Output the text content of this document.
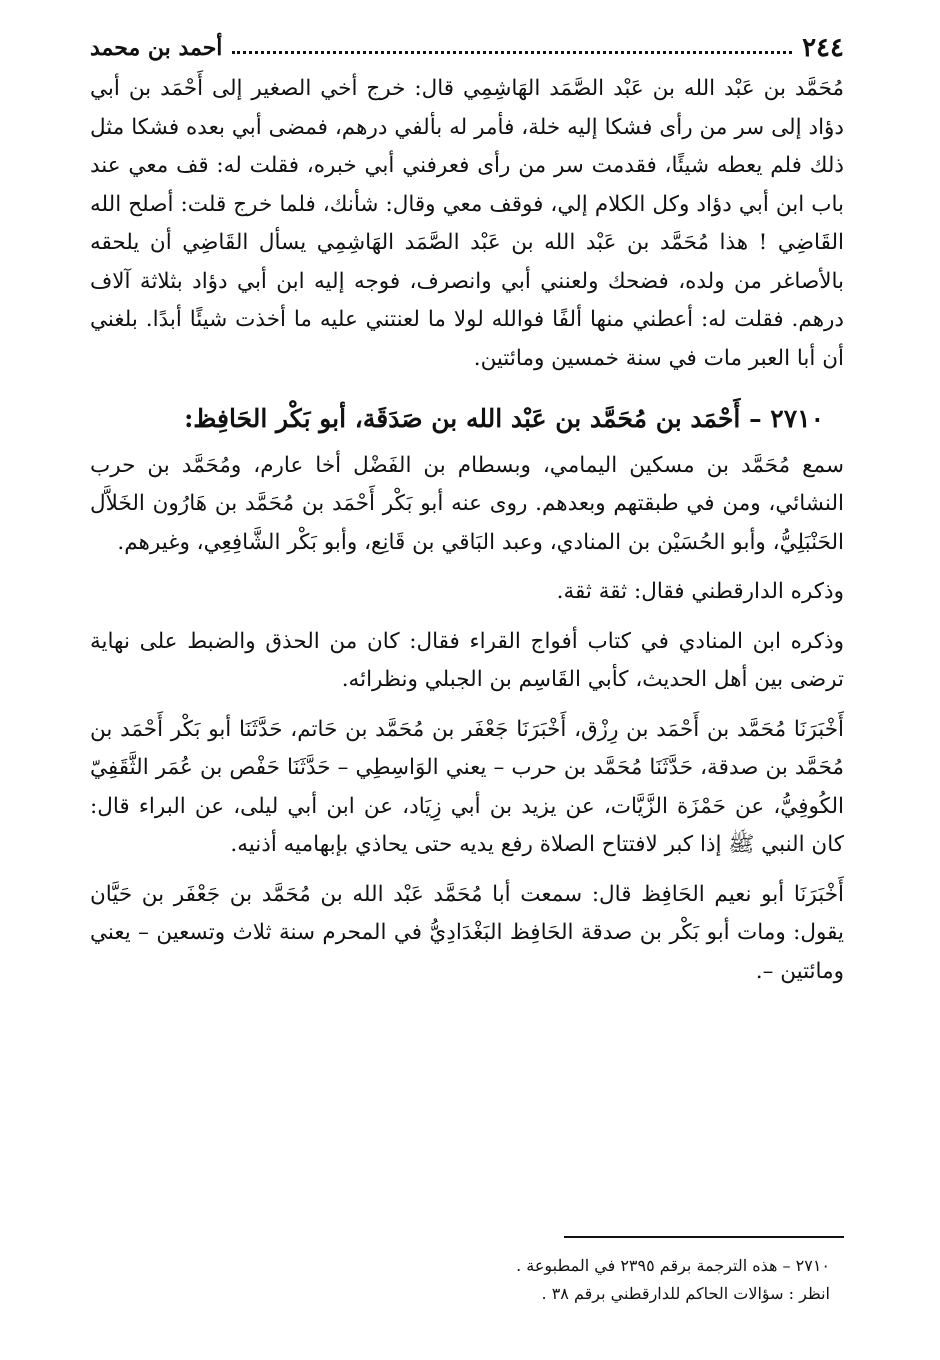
٢٤٤
أحمد بن محمد

مُحَمَّد بن عَبْد الله بن عَبْد الصَّمَد الهَاشِمِي قال: خرج أخي الصغير إلى أَحْمَد بن أبي دؤاد إلى سر من رأى فشكا إليه خلة، فأمر له بألفي درهم، فمضى أبي بعده فشكا مثل ذلك فلم يعطه شيئًا، فقدمت سر من رأى فعرفني أبي خبره، فقلت له: قف معي عند باب ابن أبي دؤاد وكل الكلام إلي، فوقف معي وقال: شأنك، فلما خرج قلت: أصلح الله القَاضِي ! هذا مُحَمَّد بن عَبْد الله بن عَبْد الصَّمَد الهَاشِمِي يسأل القَاضِي أن يلحقه بالأصاغر من ولده، فضحك ولعنني أبي وانصرف، فوجه إليه ابن أبي دؤاد بثلاثة آلاف درهم. فقلت له: أعطني منها ألفًا فوالله لولا ما لعنتني عليه ما أخذت شيئًا أبدًا. بلغني أن أبا العبر مات في سنة خمسين ومائتين.

٢٧١٠ – أَحْمَد بن مُحَمَّد بن عَبْد الله بن صَدَقَة، أبو بَكْر الحَافِظ:

سمع مُحَمَّد بن مسكين اليمامي، وبسطام بن الفَضْل أخا عارم، ومُحَمَّد بن حرب النشائي، ومن في طبقتهم وبعدهم. روى عنه أبو بَكْر أَحْمَد بن مُحَمَّد بن هَارُون الخَلاَّل الحَنْبَلِيُّ، وأبو الحُسَيْن بن المنادي، وعبد البَاقي بن قَانِع، وأبو بَكْر الشَّافِعِي، وغيرهم.

وذكره الدارقطني فقال: ثقة ثقة.

وذكره ابن المنادي في كتاب أفواج القراء فقال: كان من الحذق والضبط على نهاية ترضى بين أهل الحديث، كأبي القَاسِم بن الجبلي ونظرائه.

أَخْبَرَنَا مُحَمَّد بن أَحْمَد بن رِزْق، أَخْبَرَنَا جَعْفَر بن مُحَمَّد بن حَاتم، حَدَّثَنَا أبو بَكْر أَحْمَد بن مُحَمَّد بن صدقة، حَدَّثَنَا مُحَمَّد بن حرب – يعني الوَاسِطِي – حَدَّثَنَا حَفْص بن عُمَر الثَّقَفِيّ الكُوفِيُّ، عن حَمْزَة الزَّيَّات، عن يزيد بن أبي زِيَاد، عن ابن أبي ليلى، عن البراء قال: كان النبي ﷺ إذا كبر لافتتاح الصلاة رفع يديه حتى يحاذي بإبهاميه أذنيه.

أَخْبَرَنَا أبو نعيم الحَافِظ قال: سمعت أبا مُحَمَّد عَبْد الله بن مُحَمَّد بن جَعْفَر بن حَيَّان يقول: ومات أبو بَكْر بن صدقة الحَافِظ البَغْدَادِيُّ في المحرم سنة ثلاث وتسعين – يعني ومائتين –.

٢٧١٠ – هذه الترجمة برقم ٢٣٩٥ في المطبوعة .

انظر : سؤالات الحاكم للدارقطني برقم ٣٨ .
